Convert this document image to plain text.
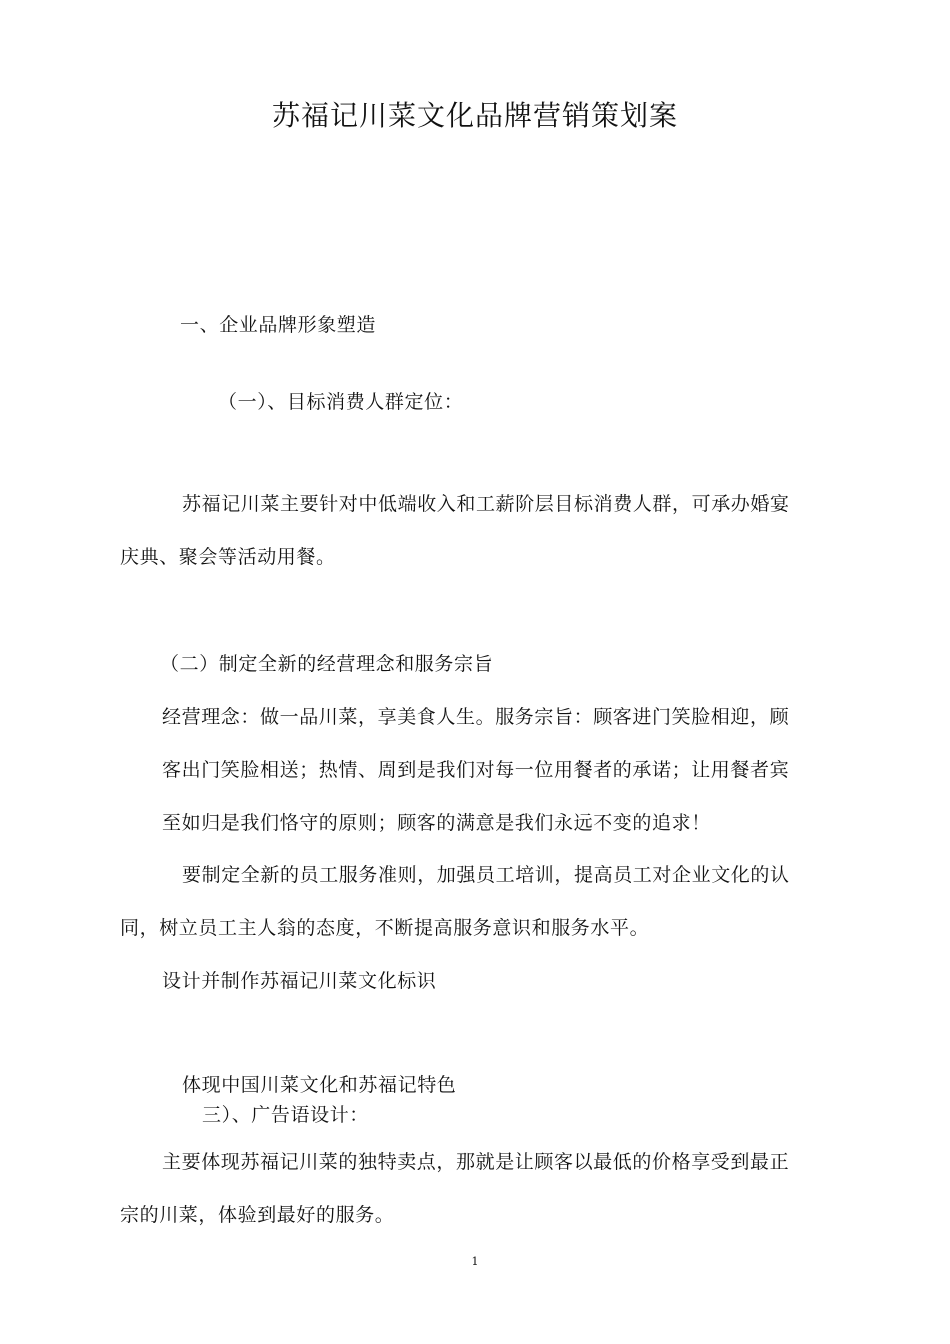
苏福记川菜文化品牌营销策划案
一、企业品牌形象塑造
（一）、目标消费人群定位：
苏福记川菜主要针对中低端收入和工薪阶层目标消费人群，可承办婚宴
庆典、聚会等活动用餐。
（二）制定全新的经营理念和服务宗旨
经营理念：做一品川菜，享美食人生。服务宗旨：顾客进门笑脸相迎，顾
客出门笑脸相送；热情、周到是我们对每一位用餐者的承诺；让用餐者宾
至如归是我们恪守的原则；顾客的满意是我们永远不变的追求！
要制定全新的员工服务准则，加强员工培训，提高员工对企业文化的认
同，树立员工主人翁的态度，不断提高服务意识和服务水平。
设计并制作苏福记川菜文化标识
体现中国川菜文化和苏福记特色
三）、广告语设计：
主要体现苏福记川菜的独特卖点，那就是让顾客以最低的价格享受到最正
宗的川菜，体验到最好的服务。
1
